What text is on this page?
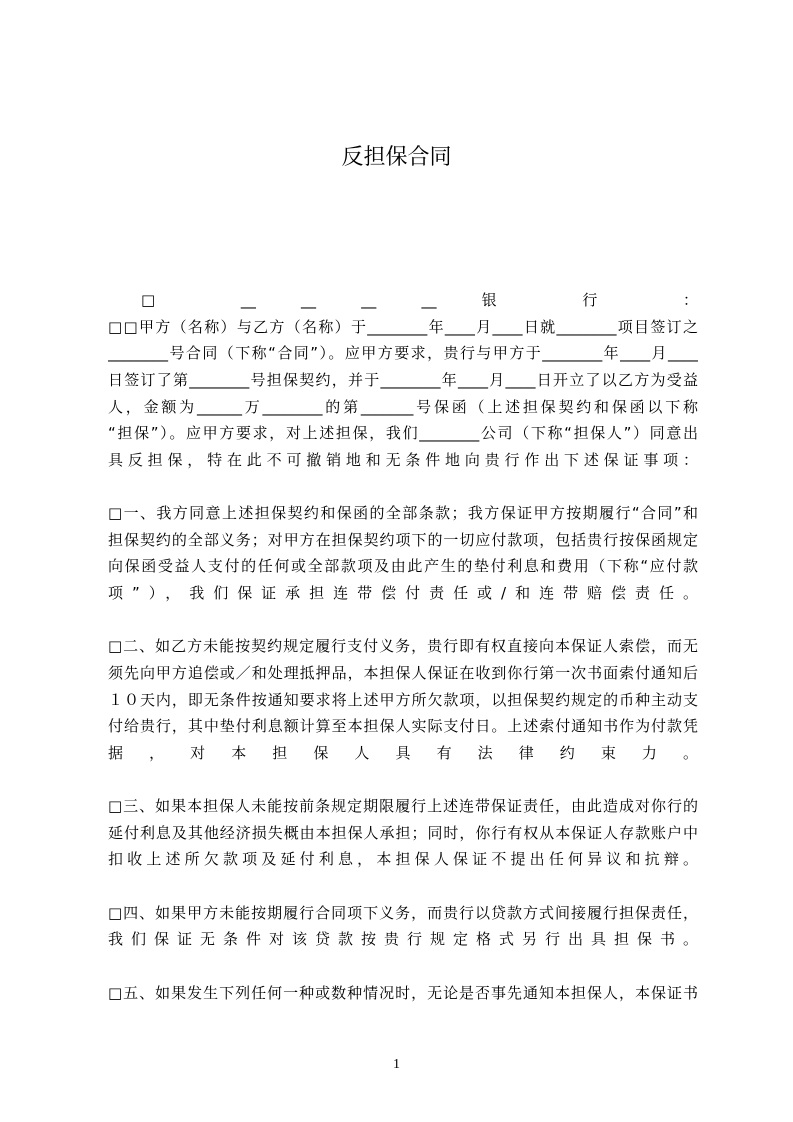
反担保合同
□ __ __ __ __ 银 行 ：
□□甲方（名称）与乙方（名称）于________年____月____日就________项目签订之
________号合同（下称“合同”）。应甲方要求，贵行与甲方于________年____月____
日签订了第________号担保契约，并于________年____月____日开立了以乙方为受益
人，金额为______万________的第_______号保函（上述担保契约和保函以下称
“担保”）。应甲方要求，对上述担保，我们________公司（下称“担保人”）同意出
具反担保，特在此不可撤销地和无条件地向贵行作出下述保证事项：
□一、我方同意上述担保契约和保函的全部条款；我方保证甲方按期履行“合同”和
担保契约的全部义务；对甲方在担保契约项下的一切应付款项，包括贵行按保函规定
向保函受益人支付的任何或全部款项及由此产生的垫付利息和费用（下称“应付款
项”），我们保证承担连带偿付责任或/和连带赔偿责任。
□二、如乙方未能按契约规定履行支付义务，贵行即有权直接向本保证人索偿，而无
须先向甲方追偿或／和处理抵押品，本担保人保证在收到你行第一次书面索付通知后
１０天内，即无条件按通知要求将上述甲方所欠款项，以担保契约规定的币种主动支
付给贵行，其中垫付利息额计算至本担保人实际支付日。上述索付通知书作为付款凭
据，对本担保人具有法律约束力。
□三、如果本担保人未能按前条规定期限履行上述连带保证责任，由此造成对你行的
延付利息及其他经济损失概由本担保人承担；同时，你行有权从本保证人存款账户中
扣收上述所欠款项及延付利息，本担保人保证不提出任何异议和抗辩。
□四、如果甲方未能按期履行合同项下义务，而贵行以贷款方式间接履行担保责任，
我们保证无条件对该贷款按贵行规定格式另行出具担保书。
□五、如果发生下列任何一种或数种情况时，无论是否事先通知本担保人，本保证书
1
